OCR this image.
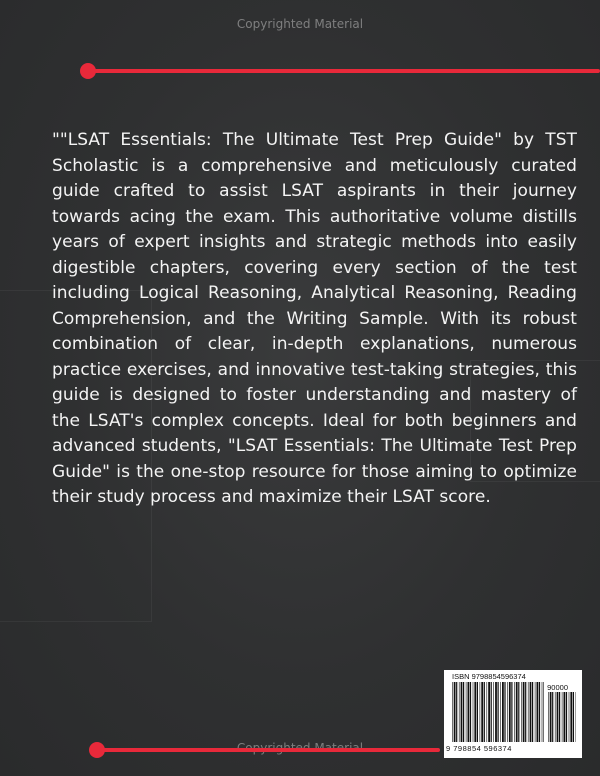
Copyrighted Material
""LSAT Essentials: The Ultimate Test Prep Guide" by TST Scholastic is a comprehensive and meticulously curated guide crafted to assist LSAT aspirants in their journey towards acing the exam. This authoritative volume distills years of expert insights and strategic methods into easily digestible chapters, covering every section of the test including Logical Reasoning, Analytical Reasoning, Reading Comprehension, and the Writing Sample. With its robust combination of clear, in-depth explanations, numerous practice exercises, and innovative test-taking strategies, this guide is designed to foster understanding and mastery of the LSAT's complex concepts. Ideal for both beginners and advanced students, "LSAT Essentials: The Ultimate Test Prep Guide" is the one-stop resource for those aiming to optimize their study process and maximize their LSAT score.
ISBN 9798854596374
90000
9 798854 596374
